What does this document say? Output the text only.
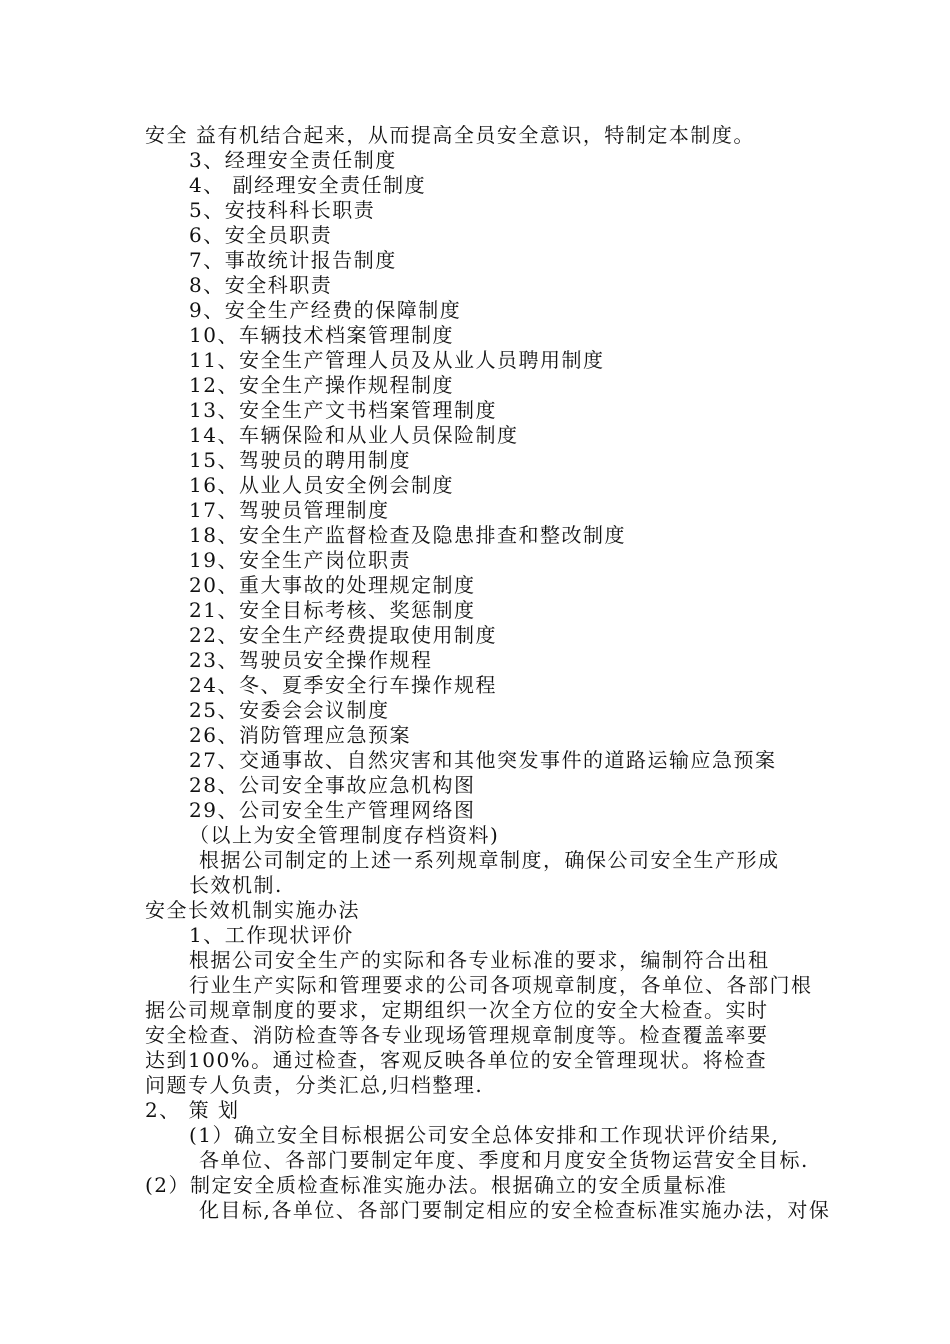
安全 益有机结合起来，从而提高全员安全意识，特制定本制度。
3、经理安全责任制度
4、 副经理安全责任制度
5、安技科科长职责
6、安全员职责
7、事故统计报告制度
8、安全科职责
9、安全生产经费的保障制度
10、车辆技术档案管理制度
11、安全生产管理人员及从业人员聘用制度
12、安全生产操作规程制度
13、安全生产文书档案管理制度
14、车辆保险和从业人员保险制度
15、驾驶员的聘用制度
16、从业人员安全例会制度
17、驾驶员管理制度
18、安全生产监督检查及隐患排查和整改制度
19、安全生产岗位职责
20、重大事故的处理规定制度
21、安全目标考核、奖惩制度
22、安全生产经费提取使用制度
23、驾驶员安全操作规程
24、冬、夏季安全行车操作规程
25、安委会会议制度
26、消防管理应急预案
27、交通事故、自然灾害和其他突发事件的道路运输应急预案
28、公司安全事故应急机构图
29、公司安全生产管理网络图
（以上为安全管理制度存档资料)
根据公司制定的上述一系列规章制度，确保公司安全生产形成
长效机制.
安全长效机制实施办法
1、工作现状评价
根据公司安全生产的实际和各专业标准的要求，编制符合出租
行业生产实际和管理要求的公司各项规章制度，各单位、各部门根
据公司规章制度的要求，定期组织一次全方位的安全大检查。实时
安全检查、消防检查等各专业现场管理规章制度等。检查覆盖率要
达到100%。通过检查，客观反映各单位的安全管理现状。将检查
问题专人负责，分类汇总,归档整理.
2、 策 划
(1）确立安全目标根据公司安全总体安排和工作现状评价结果,
各单位、各部门要制定年度、季度和月度安全货物运营安全目标.
(2）制定安全质检查标准实施办法。根据确立的安全质量标准
化目标,各单位、各部门要制定相应的安全检查标准实施办法，对保
